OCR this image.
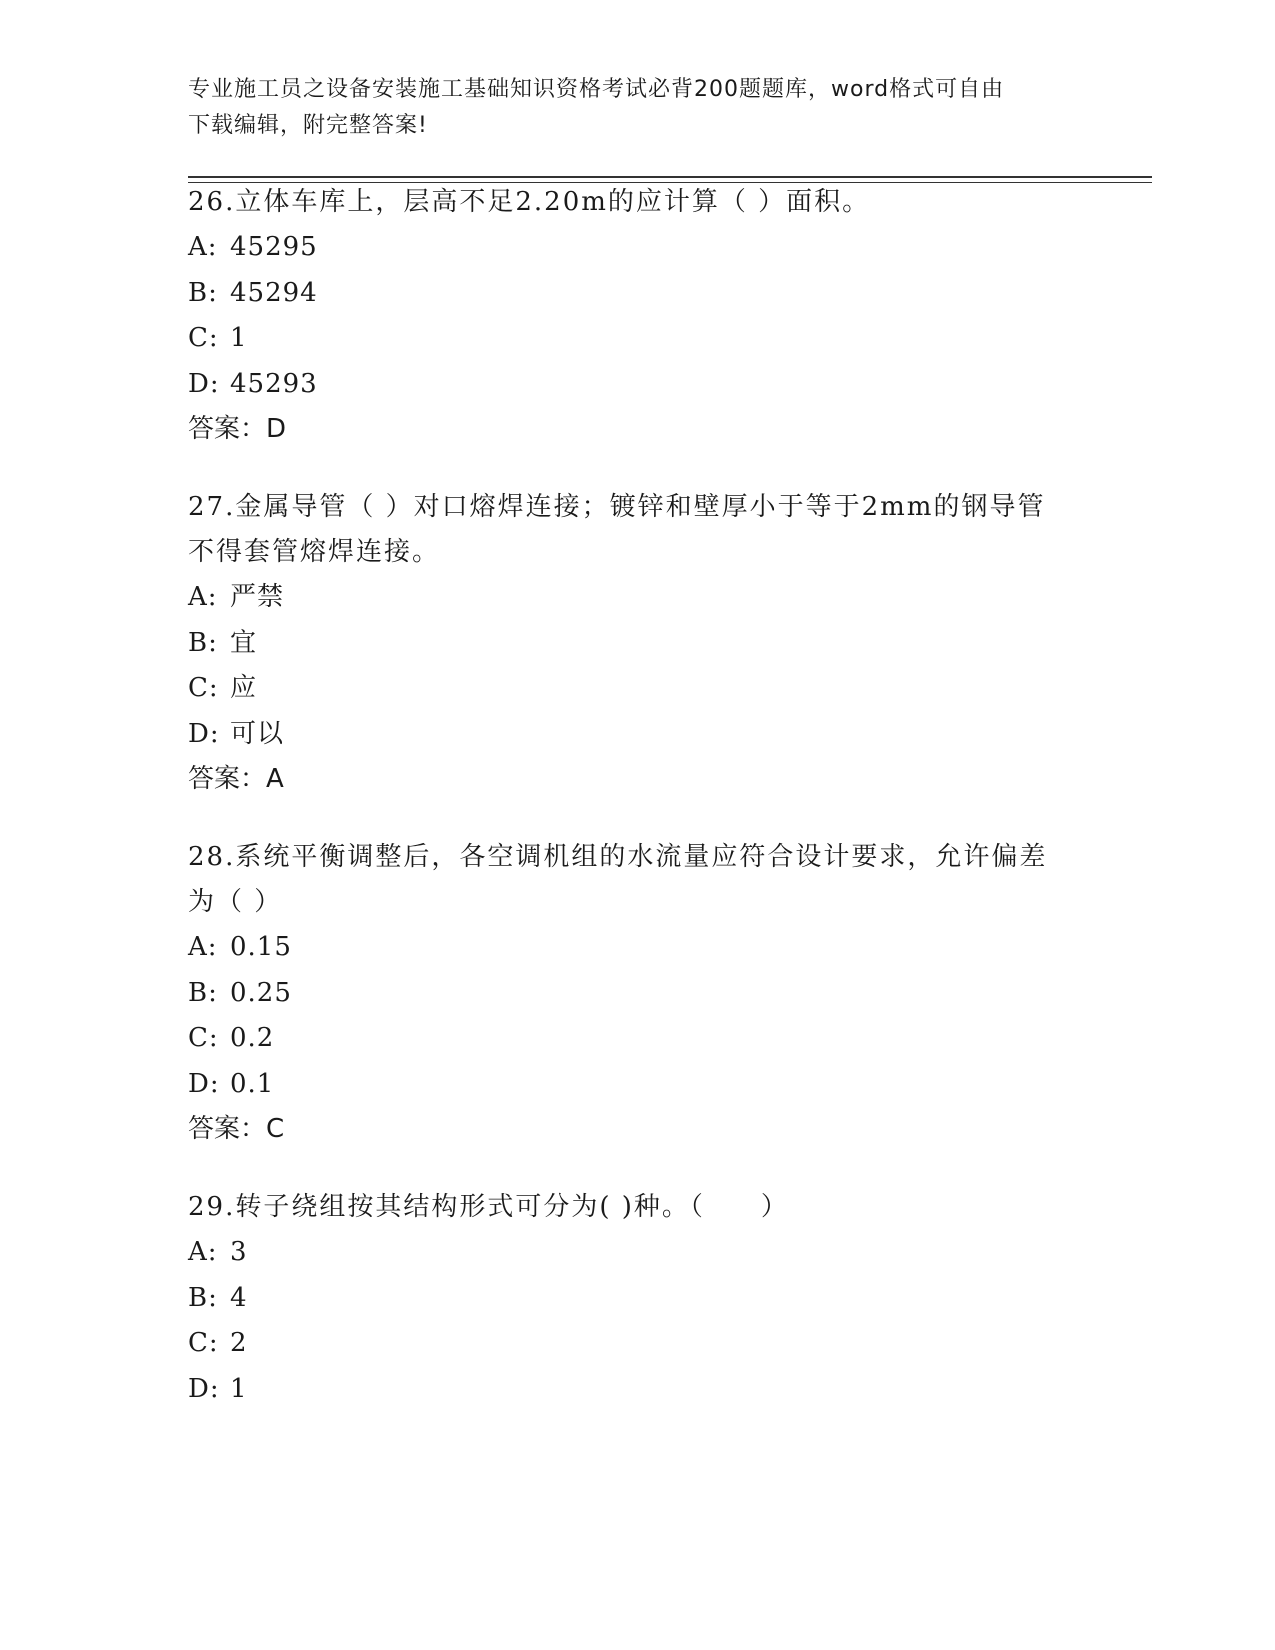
专业施工员之设备安装施工基础知识资格考试必背200题题库，word格式可自由
下载编辑，附完整答案!

26.立体车库上，层高不足2.20m的应计算（ ）面积。

A: 45295

B: 45294

C: 1

D: 45293

答案：D

27.金属导管（ ）对口熔焊连接；镀锌和壁厚小于等于2mm的钢导管

不得套管熔焊连接。

A: 严禁

B: 宜

C: 应

D: 可以

答案：A

28.系统平衡调整后，各空调机组的水流量应符合设计要求，允许偏差

为（ ）

A: 0.15

B: 0.25

C: 0.2

D: 0.1

答案：C

29.转子绕组按其结构形式可分为( )种。（　　）

A: 3

B: 4

C: 2

D: 1
